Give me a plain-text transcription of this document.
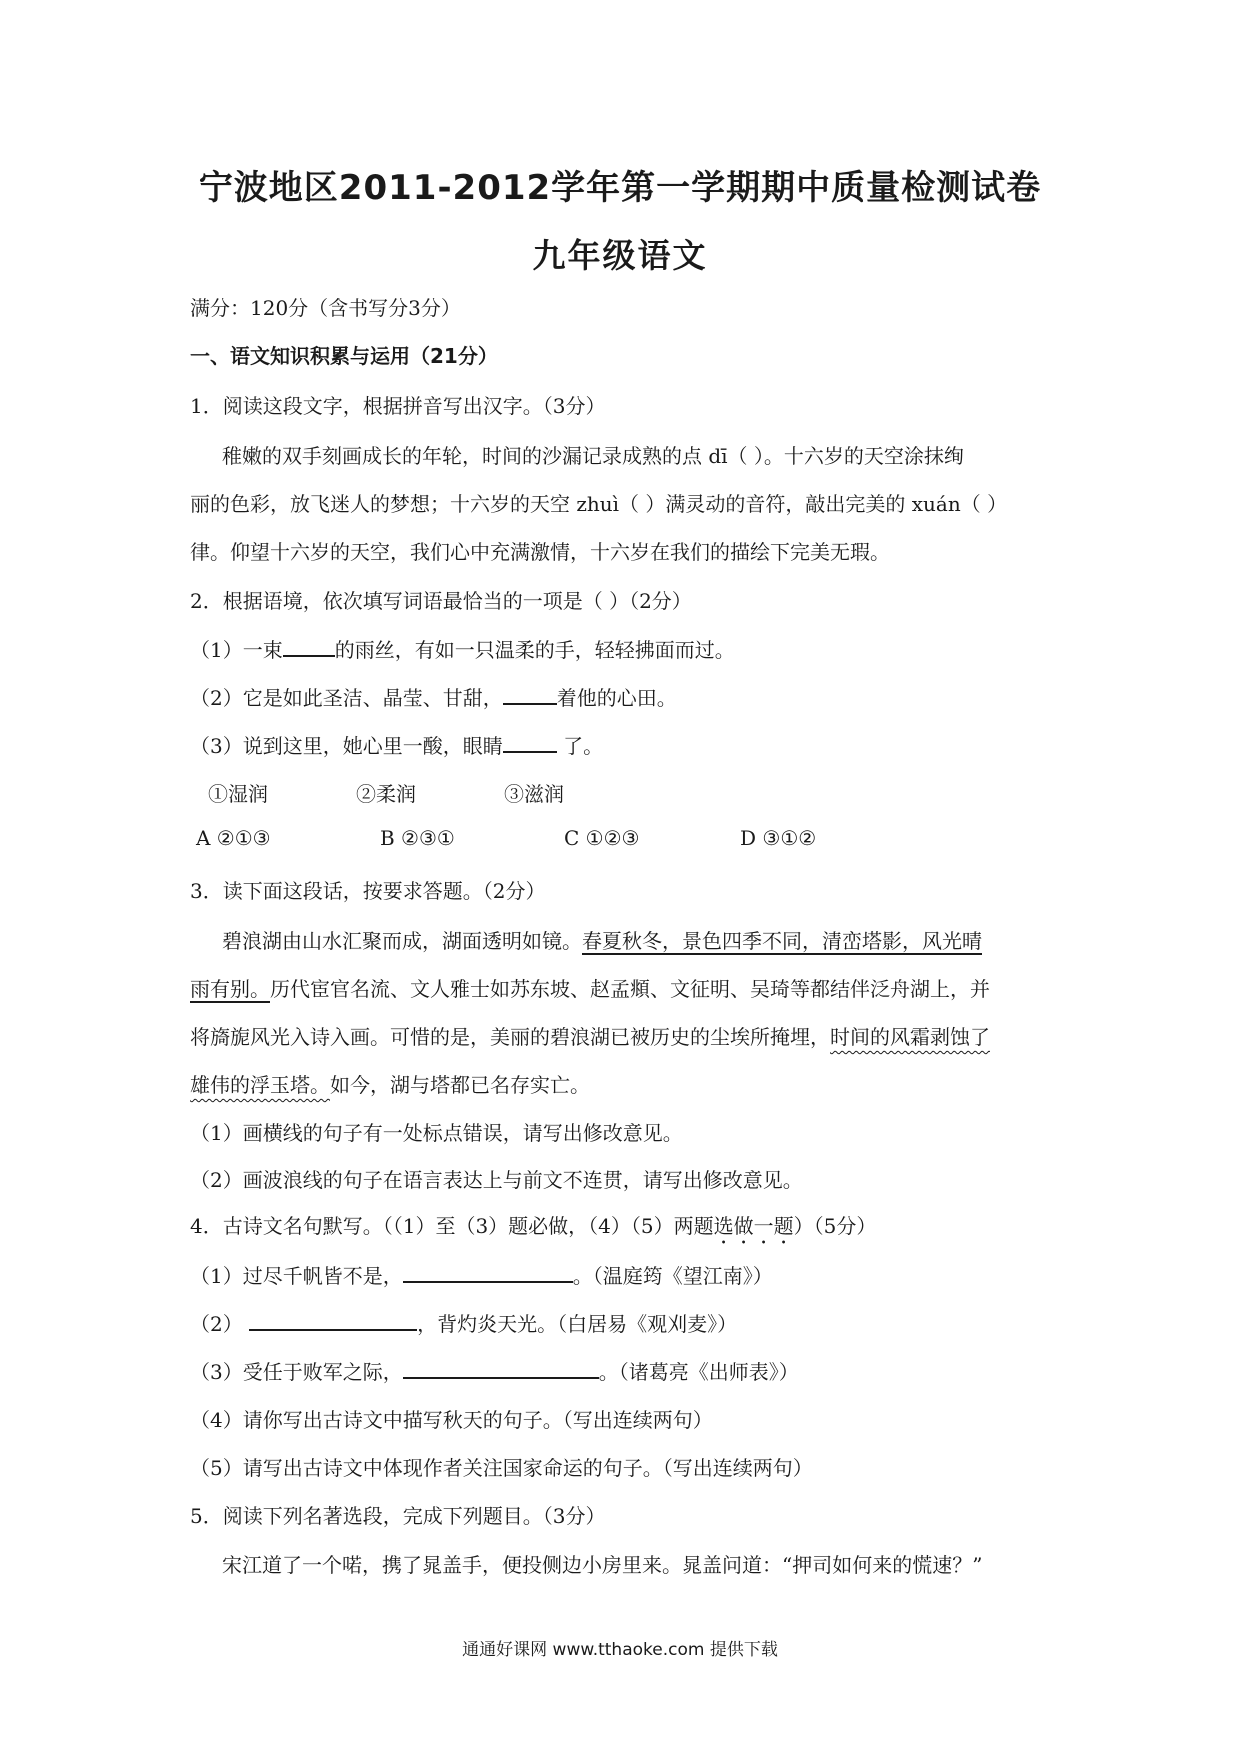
宁波地区2011-2012学年第一学期期中质量检测试卷
九年级语文
满分：120分（含书写分3分）
一、语文知识积累与运用（21分）
1．阅读这段文字，根据拼音写出汉字。（3分）
稚嫩的双手刻画成长的年轮，时间的沙漏记录成熟的点 dī（ ）。十六岁的天空涂抹绚
丽的色彩，放飞迷人的梦想；十六岁的天空 zhuì（ ）满灵动的音符，敲出完美的 xuán（ ）
律。仰望十六岁的天空，我们心中充满激情，十六岁在我们的描绘下完美无瑕。
2．根据语境，依次填写词语最恰当的一项是（ ）（2分）
（1）一束	的雨丝，有如一只温柔的手，轻轻拂面而过。
（2）它是如此圣洁、晶莹、甘甜，	着他的心田。
（3）说到这里，她心里一酸，眼睛	了。
①湿润	②柔润	③滋润
A ②①③	B ②③①	C ①②③	D ③①②
3．读下面这段话，按要求答题。（2分）
碧浪湖由山水汇聚而成，湖面透明如镜。春夏秋冬，景色四季不同，清峦塔影，风光晴
雨有别。历代宦官名流、文人雅士如苏东坡、赵孟頫、文征明、吴琦等都结伴泛舟湖上，并
将旖旎风光入诗入画。可惜的是，美丽的碧浪湖已被历史的尘埃所掩埋，时间的风霜剥蚀了
雄伟的浮玉塔。如今，湖与塔都已名存实亡。
（1）画横线的句子有一处标点错误，请写出修改意见。
（2）画波浪线的句子在语言表达上与前文不连贯，请写出修改意见。
4．古诗文名句默写。（（1）至（3）题必做，（4）（5）两题选做一题）（5分）
（1）过尽千帆皆不是，	。（温庭筠《望江南》）
（2）	，背灼炎天光。（白居易《观刈麦》）
（3）受任于败军之际，	。（诸葛亮《出师表》）
（4）请你写出古诗文中描写秋天的句子。（写出连续两句）
（5）请写出古诗文中体现作者关注国家命运的句子。（写出连续两句）
5．阅读下列名著选段，完成下列题目。（3分）
宋江道了一个喏，携了晁盖手，便投侧边小房里来。晁盖问道：“押司如何来的慌速？”
通通好课网 www.tthaoke.com 提供下载
